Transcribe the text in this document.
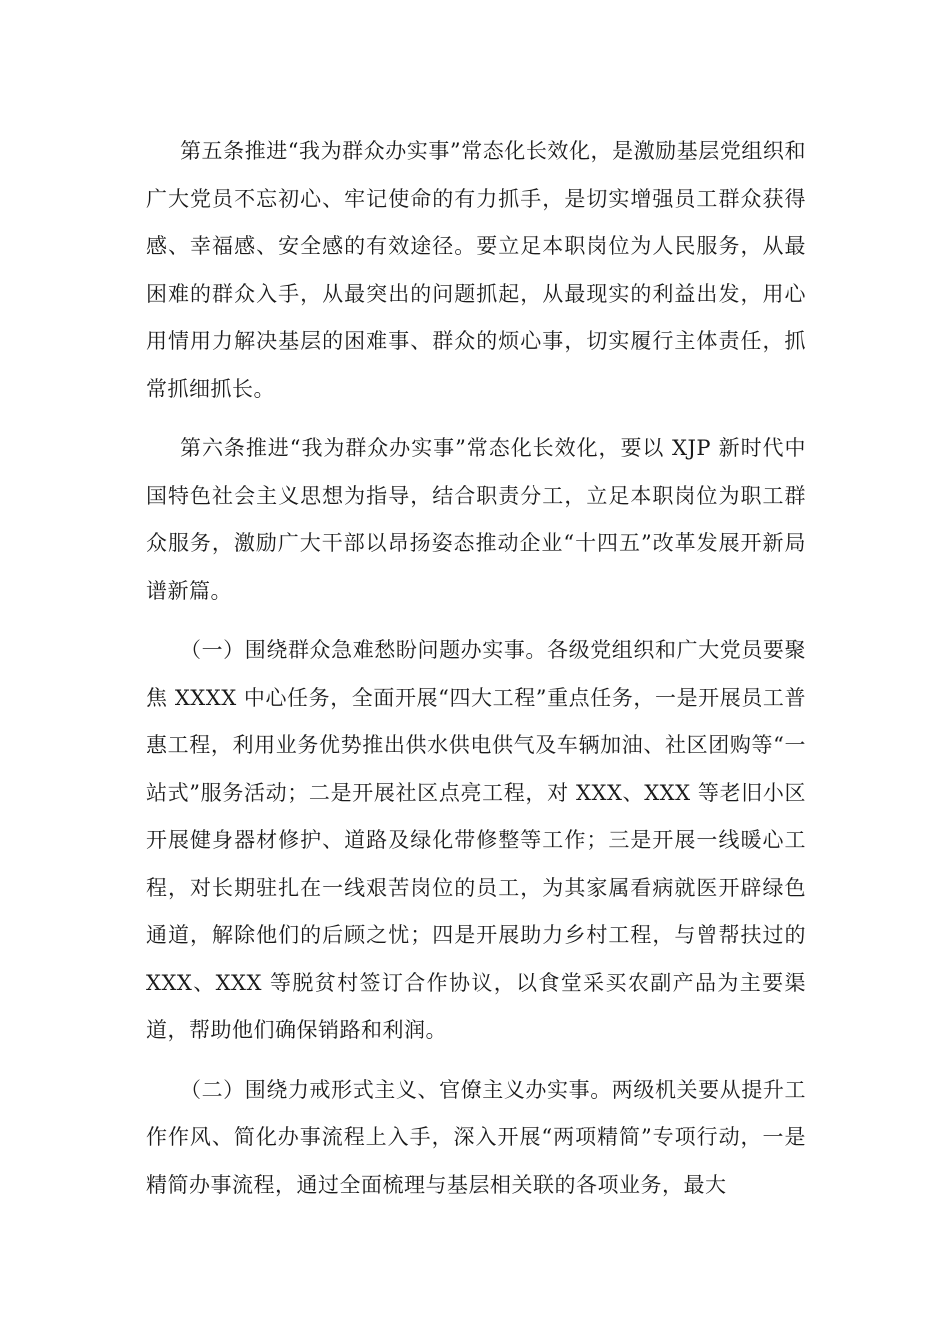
第五条推进“我为群众办实事”常态化长效化，是激励基层党组织和广大党员不忘初心、牢记使命的有力抓手，是切实增强员工群众获得感、幸福感、安全感的有效途径。要立足本职岗位为人民服务，从最困难的群众入手，从最突出的问题抓起，从最现实的利益出发，用心用情用力解决基层的困难事、群众的烦心事，切实履行主体责任，抓常抓细抓长。

第六条推进“我为群众办实事”常态化长效化，要以 XJP 新时代中国特色社会主义思想为指导，结合职责分工，立足本职岗位为职工群众服务，激励广大干部以昂扬姿态推动企业“十四五”改革发展开新局谱新篇。

（一）围绕群众急难愁盼问题办实事。各级党组织和广大党员要聚焦 XXXX 中心任务，全面开展“四大工程”重点任务，一是开展员工普惠工程，利用业务优势推出供水供电供气及车辆加油、社区团购等“一站式”服务活动；二是开展社区点亮工程，对 XXX、XXX 等老旧小区开展健身器材修护、道路及绿化带修整等工作；三是开展一线暖心工程，对长期驻扎在一线艰苦岗位的员工，为其家属看病就医开辟绿色通道，解除他们的后顾之忧；四是开展助力乡村工程，与曾帮扶过的 XXX、XXX 等脱贫村签订合作协议，以食堂采买农副产品为主要渠道，帮助他们确保销路和利润。

（二）围绕力戒形式主义、官僚主义办实事。两级机关要从提升工作作风、简化办事流程上入手，深入开展“两项精简”专项行动，一是精简办事流程，通过全面梳理与基层相关联的各项业务，最大
